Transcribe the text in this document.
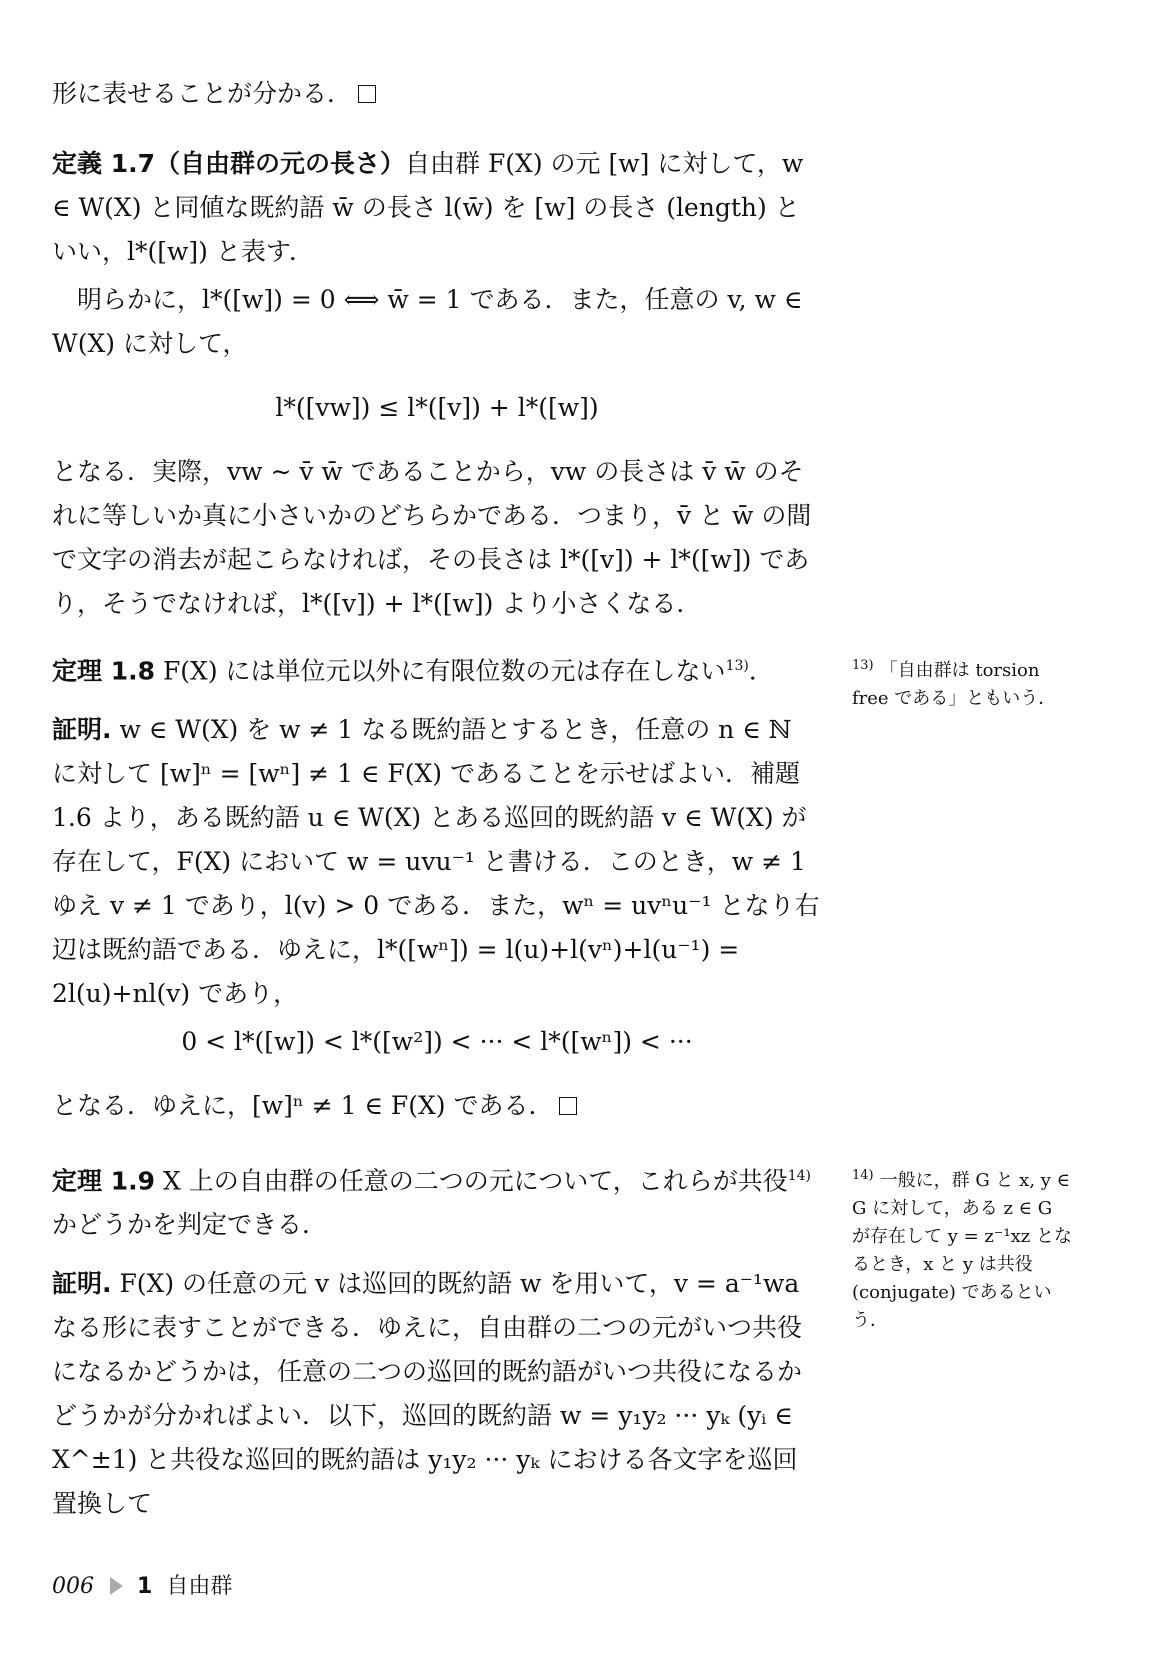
形に表せることが分かる．

定義 1.7（自由群の元の長さ）自由群 F(X) の元 [w] に対して，w ∈ W(X) と同値な既約語 w̄ の長さ l(w̄) を [w] の長さ (length) といい，l*([w]) と表す．

明らかに，l*([w]) = 0 ⟺ w̄ = 1 である．また，任意の v, w ∈ W(X) に対して，

l*([vw]) ≤ l*([v]) + l*([w])

となる．実際，vw ∼ v̄ w̄ であることから，vw の長さは v̄ w̄ のそれに等しいか真に小さいかのどちらかである．つまり，v̄ と w̄ の間で文字の消去が起こらなければ，その長さは l*([v]) + l*([w]) であり，そうでなければ，l*([v]) + l*([w]) より小さくなる．

定理 1.8 F(X) には単位元以外に有限位数の元は存在しない$^{13)}$．	$^{13)}$ 「自由群は torsion free である」ともいう．

証明. w ∈ W(X) を w ≠ 1 なる既約語とするとき，任意の n ∈ ℕ に対して [w]ⁿ = [wⁿ] ≠ 1 ∈ F(X) であることを示せばよい．補題 1.6 より，ある既約語 u ∈ W(X) とある巡回的既約語 v ∈ W(X) が存在して，F(X) において w = uvu⁻¹ と書ける．このとき，w ≠ 1 ゆえ v ≠ 1 であり，l(v) > 0 である．また，wⁿ = uvⁿu⁻¹ となり右辺は既約語である．ゆえに，l*([wⁿ]) = l(u)+l(vⁿ)+l(u⁻¹) = 2l(u)+nl(v) であり，

0 < l*([w]) < l*([w²]) < ··· < l*([wⁿ]) < ···

となる．ゆえに，[w]ⁿ ≠ 1 ∈ F(X) である．

定理 1.9 X 上の自由群の任意の二つの元について，これらが共役$^{14)}$かどうかを判定できる．

$^{14)}$ 一般に，群 G と x, y ∈ G に対して，ある z ∈ G が存在して y = z⁻¹xz となるとき，x と y は共役 (conjugate) であるという．

証明. F(X) の任意の元 v は巡回的既約語 w を用いて，v = a⁻¹wa なる形に表すことができる．ゆえに，自由群の二つの元がいつ共役になるかどうかは，任意の二つの巡回的既約語がいつ共役になるかどうかが分かればよい．以下，巡回的既約語 w = y₁y₂ ··· yₖ (yᵢ ∈ X^±1) と共役な巡回的既約語は y₁y₂ ··· yₖ における各文字を巡回置換して

006 1 自由群
